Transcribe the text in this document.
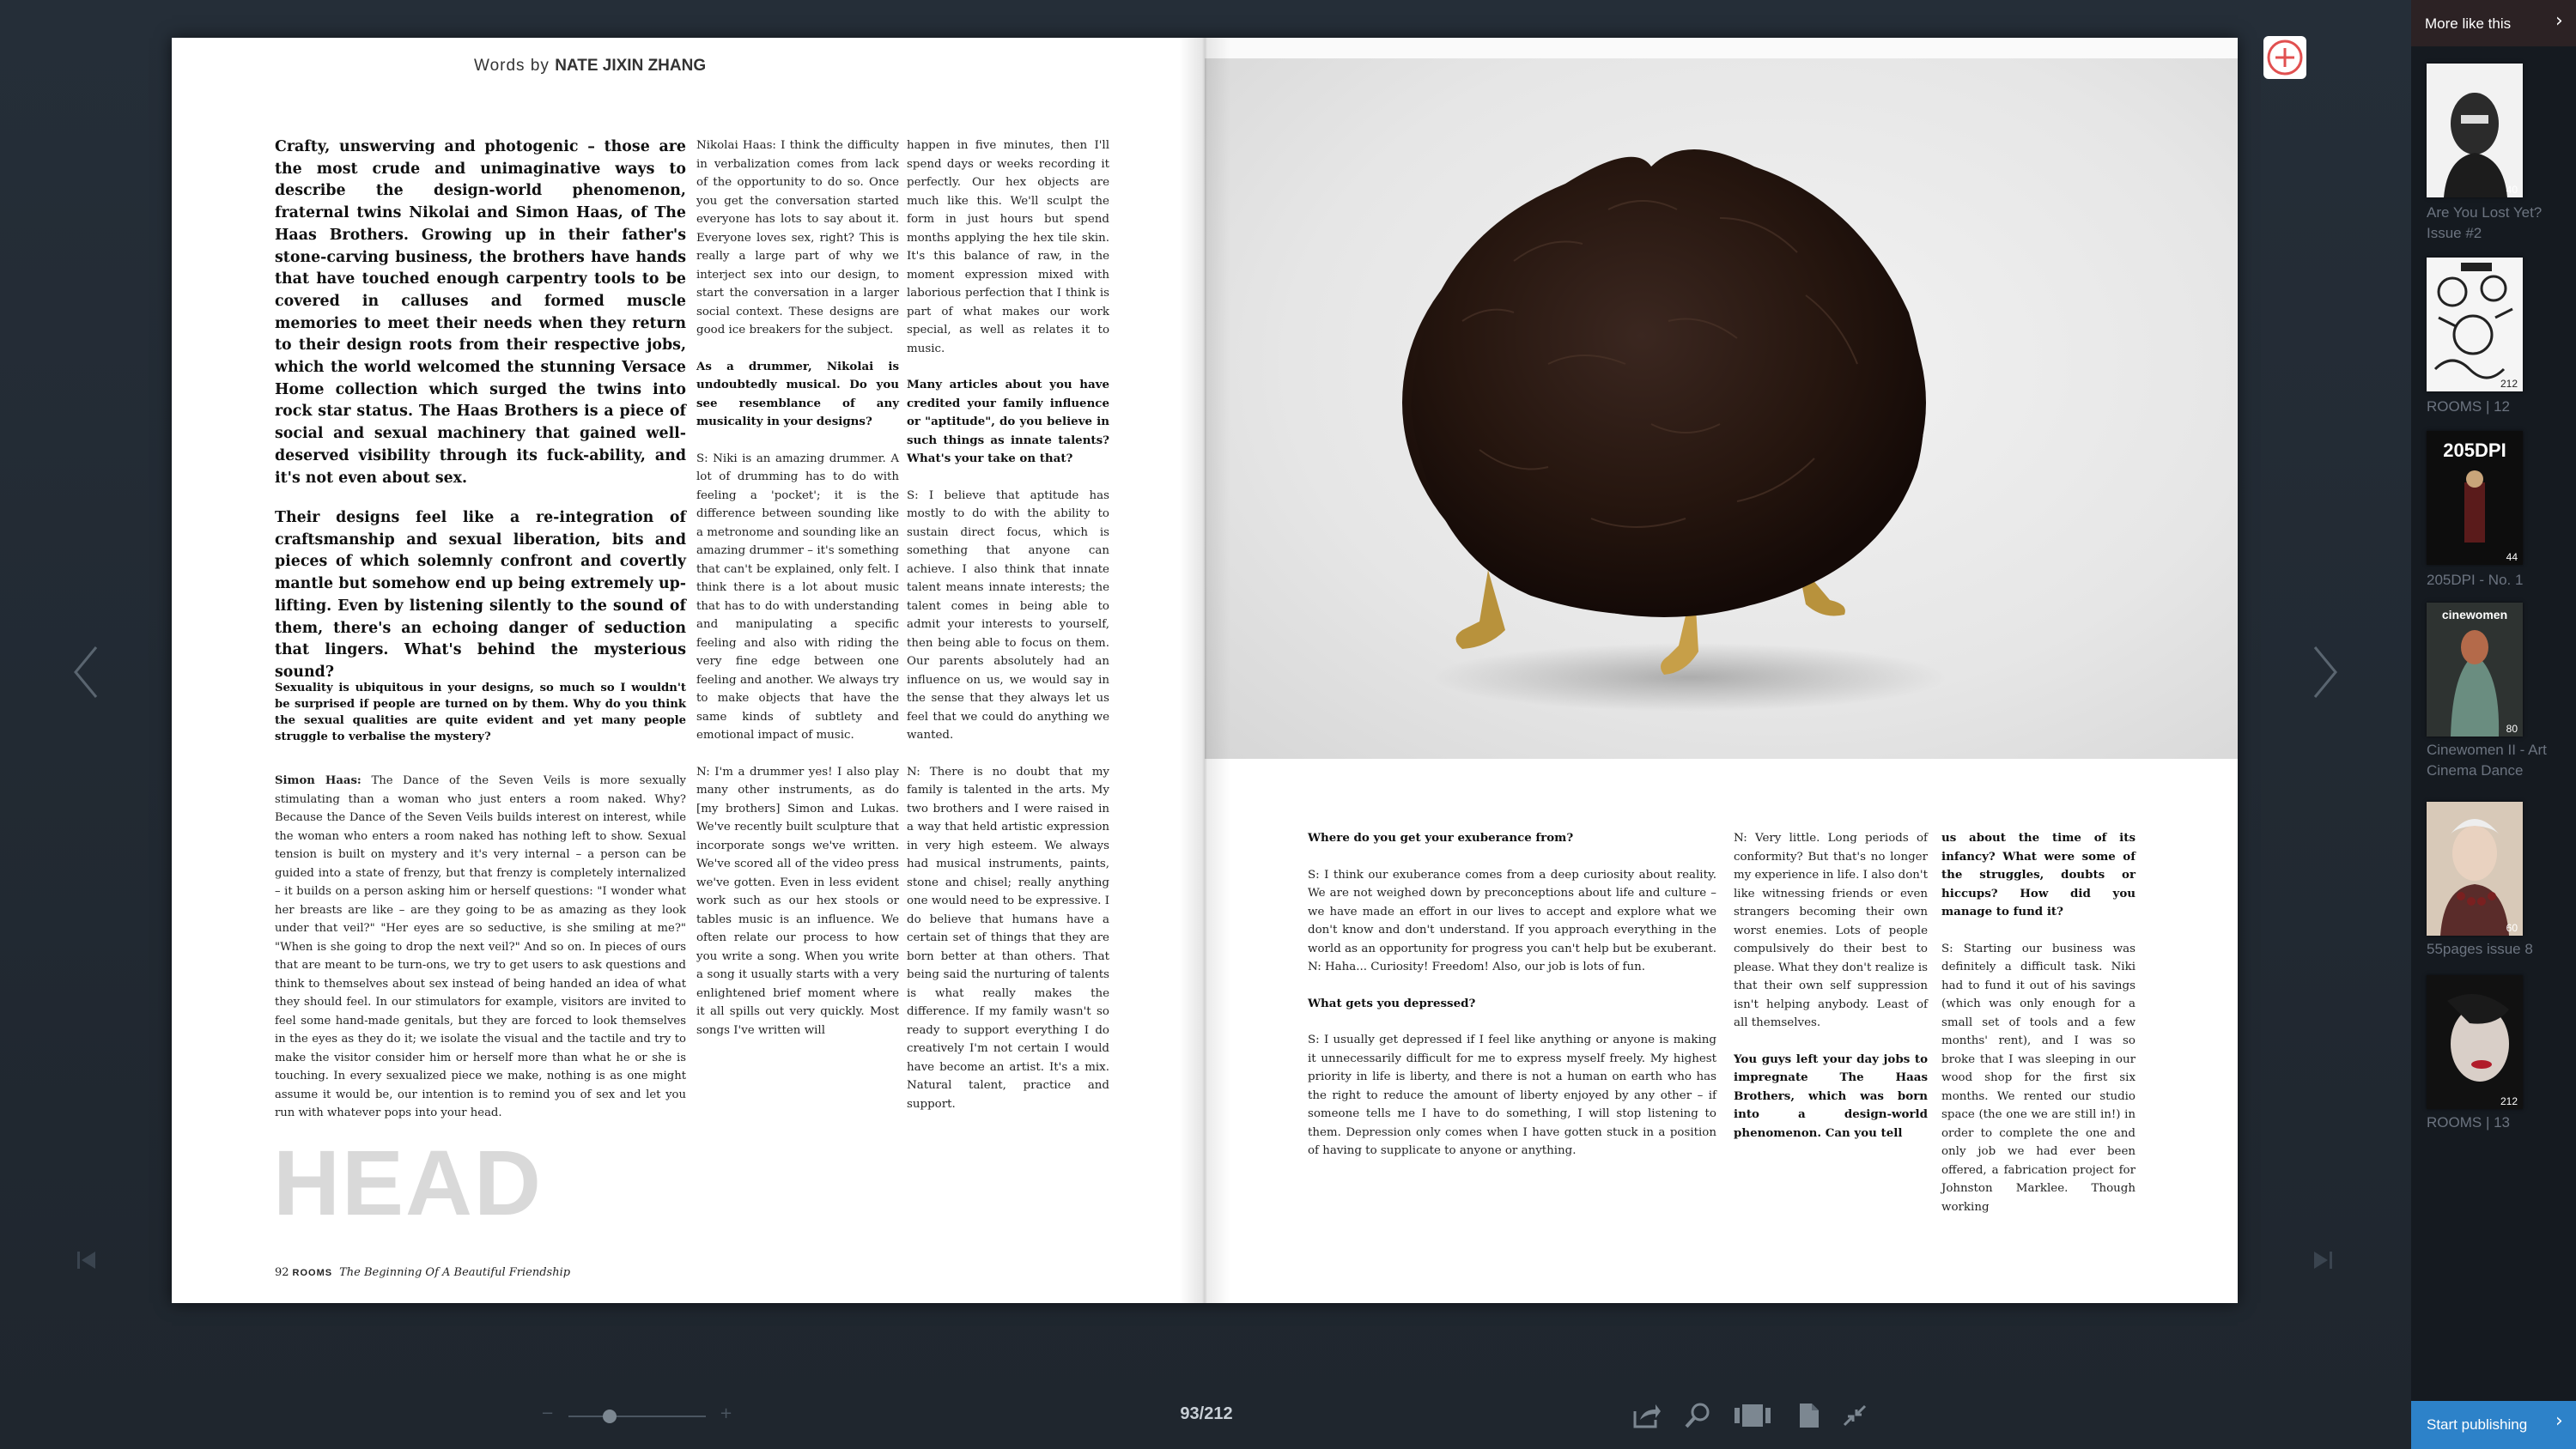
Words by NATE JIXIN ZHANG

Crafty, unswerving and photogenic – those are the most crude and unimaginative ways to describe the design-world phenomenon, fraternal twins Nikolai and Simon Haas, of The Haas Brothers. Growing up in their father's stone-carving business, the brothers have hands that have touched enough carpentry tools to be covered in calluses and formed muscle memories to meet their needs when they return to their design roots from their respective jobs, which the world welcomed the stunning Versace Home collection which surged the twins into rock star status. The Haas Brothers is a piece of social and sexual machinery that gained well-deserved visibility through its fuck-ability, and it's not even about sex.

Their designs feel like a re-integration of craftsmanship and sexual liberation, bits and pieces of which solemnly confront and covertly mantle but somehow end up being extremely up-lifting. Even by listening silently to the sound of them, there's an echoing danger of seduction that lingers. What's behind the mysterious sound?

Sexuality is ubiquitous in your designs, so much so I wouldn't be surprised if people are turned on by them. Why do you think the sexual qualities are quite evident and yet many people struggle to verbalise the mystery?

Simon Haas: The Dance of the Seven Veils is more sexually stimulating than a woman who just enters a room naked. Why? Because the Dance of the Seven Veils builds interest on interest, while the woman who enters a room naked has nothing left to show. Sexual tension is built on mystery and it's very internal – a person can be guided into a state of frenzy, but that frenzy is completely internalized – it builds on a person asking him or herself questions: "I wonder what her breasts are like – are they going to be as amazing as they look under that veil?" "Her eyes are so seductive, is she smiling at me?" "When is she going to drop the next veil?" And so on. In pieces of ours that are meant to be turn-ons, we try to get users to ask questions and think to themselves about sex instead of being handed an idea of what they should feel. In our stimulators for example, visitors are invited to feel some hand-made genitals, but they are forced to look themselves in the eyes as they do it; we isolate the visual and the tactile and try to make the visitor consider him or herself more than what he or she is touching. In every sexualized piece we make, nothing is as one might assume it would be, our intention is to remind you of sex and let you run with whatever pops into your head.

Nikolai Haas: I think the difficulty in verbalization comes from lack of the opportunity to do so. Once you get the conversation started everyone has lots to say about it. Everyone loves sex, right? This is really a large part of why we interject sex into our design, to start the conversation in a larger social context. These designs are good ice breakers for the subject.

As a drummer, Nikolai is undoubtedly musical. Do you see resemblance of any musicality in your designs?

S: Niki is an amazing drummer. A lot of drumming has to do with feeling a 'pocket'; it is the difference between sounding like a metronome and sounding like an amazing drummer – it's something that can't be explained, only felt. I think there is a lot about music that has to do with understanding and manipulating a specific feeling and also with riding the very fine edge between one feeling and another. We always try to make objects that have the same kinds of subtlety and emotional impact of music.

N: I'm a drummer yes! I also play many other instruments, as do [my brothers] Simon and Lukas. We've recently built sculpture that incorporate songs we've written. We've scored all of the video press we've gotten. Even in less evident work such as our hex stools or tables music is an influence. We often relate our process to how you write a song. When you write a song it usually starts with a very enlightened brief moment where it all spills out very quickly. Most songs I've written will

happen in five minutes, then I'll spend days or weeks recording it perfectly. Our hex objects are much like this. We'll sculpt the form in just hours but spend months applying the hex tile skin. It's this balance of raw, in the moment expression mixed with laborious perfection that I think is part of what makes our work special, as well as relates it to music.

Many articles about you have credited your family influence or "aptitude", do you believe in such things as innate talents? What's your take on that?

S: I believe that aptitude has mostly to do with the ability to sustain direct focus, which is something that anyone can achieve. I also think that innate talent means innate interests; the talent comes in being able to admit your interests to yourself, then being able to focus on them. Our parents absolutely had an influence on us, we would say in the sense that they always let us feel that we could do anything we wanted.

N: There is no doubt that my family is talented in the arts. My two brothers and I were raised in a way that held artistic expression in very high esteem. We always had musical instruments, paints, stone and chisel; really anything one would need to be expressive. I do believe that humans have a certain set of things that they are born better at than others. That being said the nurturing of talents is what really makes the difference. If my family wasn't so ready to support everything I do creatively I'm not certain I would have become an artist. It's a mix. Natural talent, practice and support.

HEAD
92 ROOMS The Beginning Of A Beautiful Friendship

Where do you get your exuberance from?

S: I think our exuberance comes from a deep curiosity about reality. We are not weighed down by preconceptions about life and culture – we have made an effort in our lives to accept and explore what we don't know and don't understand. If you approach everything in the world as an opportunity for progress you can't help but be exuberant. N: Haha... Curiosity! Freedom! Also, our job is lots of fun.

What gets you depressed?

S: I usually get depressed if I feel like anything or anyone is making it unnecessarily difficult for me to express myself freely. My highest priority in life is liberty, and there is not a human on earth who has the right to reduce the amount of liberty enjoyed by any other – if someone tells me I have to do something, I will stop listening to them. Depression only comes when I have gotten stuck in a position of having to supplicate to anyone or anything.

N: Very little. Long periods of conformity? But that's no longer my experience in life. I also don't like witnessing friends or even strangers becoming their own worst enemies. Lots of people compulsively do their best to please. What they don't realize is that their own self suppression isn't helping anybody. Least of all themselves.

You guys left your day jobs to impregnate The Haas Brothers, which was born into a design-world phenomenon. Can you tell

us about the time of its infancy? What were some of the struggles, doubts or hiccups? How did you manage to fund it?

S: Starting our business was definitely a difficult task. Niki had to fund it out of his savings (which was only enough for a small set of tools and a few months' rent), and I was so broke that I was sleeping in our wood shop for the first six months. We rented our studio space (the one we are still in!) in order to complete the one and only job we had ever been offered, a fabrication project for Johnston Marklee. Though working

−	+	93/212
More like this ›
40
Are You Lost Yet? Issue #2
212
ROOMS | 12
205DPI
44
205DPI - No. 1
cinewomen
80
Cinewomen II - Art Cinema Dance
60
55pages issue 8
212
ROOMS | 13
Start publishing ›
